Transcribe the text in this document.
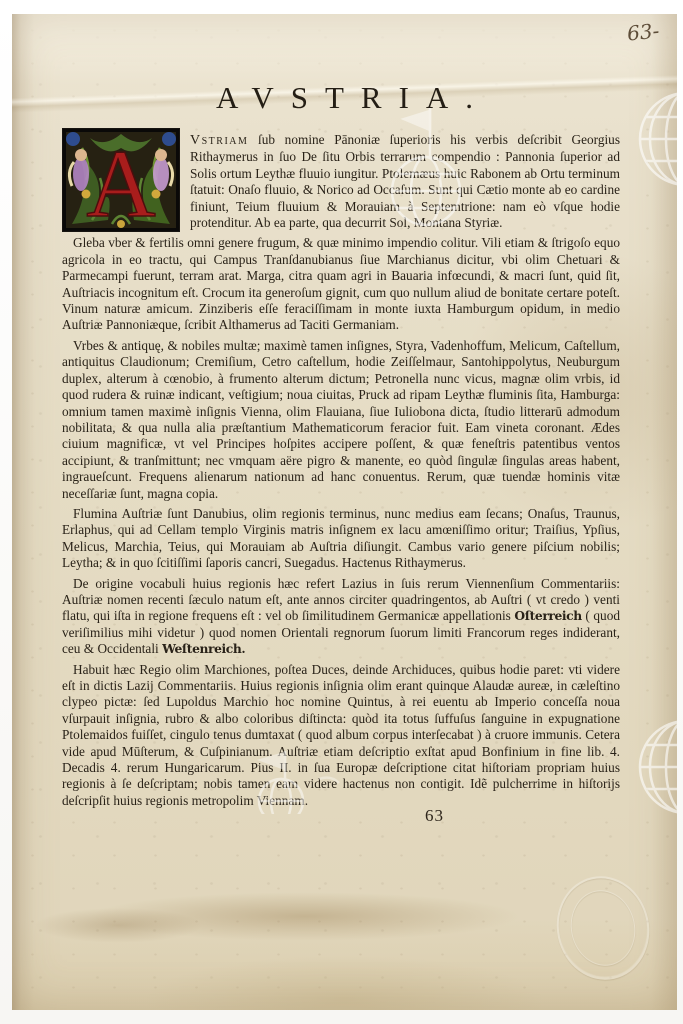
63-
AVSTRIA.
A Vstriam ſub nomine Pānoniæ ſuperioris his verbis deſcribit Georgius Rithaymerus in ſuo De ſitu Orbis terrarum compendio : Pannonia ſuperior ad Solis ortum Leythæ fluuio iungitur. Ptolemæus huic Rabonem ab Ortu terminum ſtatuit: Onaſo fluuio, & Norico ad Occaſum. Sunt qui Cætio monte ab eo cardine finiunt, Teium fluuium & Morauiam à Septemtrione: nam eò vſque hodie protenditur. Ab ea parte, qua decurrit Sol, Montana Styriæ.

Gleba vber & fertilis omni genere frugum, & quæ minimo impendio colitur. Vili etiam & ſtrigoſo equo agricola in eo tractu, qui Campus Tranſdanubianus ſiue Marchianus dicitur, vbi olim Chetuari & Parmecampi fuerunt, terram arat. Marga, citra quam agri in Bauaria infœcundi, & macri ſunt, quid ſit, Auſtriacis incognitum eſt. Crocum ita generoſum gignit, cum quo nullum aliud de bonitate certare poteſt. Vinum naturæ amicum. Zinziberis eſſe feraciſſimam in monte iuxta Hamburgum opidum, in medio Auſtriæ Pannoniæque, ſcribit Althamerus ad Taciti Germaniam.

Vrbes & antiquę, & nobiles multæ; maximè tamen inſignes, Styra, Vadenhoffum, Melicum, Caſtellum, antiquitus Claudionum; Cremiſium, Cetro caſtellum, hodie Zeiſſelmaur, Santohippolytus, Neuburgum duplex, alterum à cœnobio, à frumento alterum dictum; Petronella nunc vicus, magnæ olim vrbis, id quod rudera & ruinæ indicant, veſtigium; noua ciuitas, Pruck ad ripam Leythæ fluminis ſita, Hamburga: omnium tamen maximè inſignis Vienna, olim Flauiana, ſiue Iuliobona dicta, ſtudio litterarū admodum nobilitata, & qua nulla alia præſtantium Mathematicorum feracior fuit. Eam vineta coronant. Ædes ciuium magnificæ, vt vel Principes hoſpites accipere poſſent, & quæ feneſtris patentibus ventos accipiunt, & tranſmittunt; nec vmquam aëre pigro & manente, eo quòd ſingulæ ſingulas areas habent, ingraueſcunt. Frequens alienarum nationum ad hanc conuentus. Rerum, quæ tuendæ hominis vitæ neceſſariæ ſunt, magna copia.

Flumina Auſtriæ ſunt Danubius, olim regionis terminus, nunc medius eam ſecans; Onaſus, Traunus, Erlaphus, qui ad Cellam templo Virginis matris inſignem ex lacu amœniſſimo oritur; Traiſius, Ypſius, Melicus, Marchia, Teius, qui Morauiam ab Auſtria diſiungit. Cambus vario genere piſcium nobilis; Leytha; & in quo ſcitiſſimi ſaporis cancri, Suegadus. Hactenus Rithaymerus.

De origine vocabuli huius regionis hæc refert Lazius in ſuis rerum Viennenſium Commentariis: Auſtriæ nomen recenti ſæculo natum eſt, ante annos circiter quadringentos, ab Auſtri ( vt credo ) venti flatu, qui iſta in regione frequens eſt : vel ob ſimilitudinem Germanicæ appellationis Oſterreich ( quod veriſimilius mihi videtur ) quod nomen Orientali regnorum ſuorum limiti Francorum reges indiderant, ceu & Occidentali Weſtenreich.

Habuit hæc Regio olim Marchiones, poſtea Duces, deinde Archiduces, quibus hodie paret: vti videre eſt in dictis Lazij Commentariis. Huius regionis inſignia olim erant quinque Alaudæ aureæ, in cæleſtino clypeo pictæ: ſed Lupoldus Marchio hoc nomine Quintus, à rei euentu ab Imperio conceſſa noua vſurpauit inſignia, rubro & albo coloribus diſtincta: quòd ita totus ſuffuſus ſanguine in expugnatione Ptolemaidos fuiſſet, cingulo tenus dumtaxat ( quod album corpus interſecabat ) à cruore immunis. Cetera vide apud Mūſterum, & Cuſpinianum. Auſtriæ etiam deſcriptio exſtat apud Bonfinium in fine lib. 4. Decadis 4. rerum Hungaricarum. Pius II. in ſua Europæ deſcriptione citat hiſtoriam propriam huius regionis à ſe deſcriptam; nobis tamen eam videre hactenus non contigit. Idẽ pulcherrime in hiſtorijs deſcripſit huius regionis metropolim Viennam.

63
